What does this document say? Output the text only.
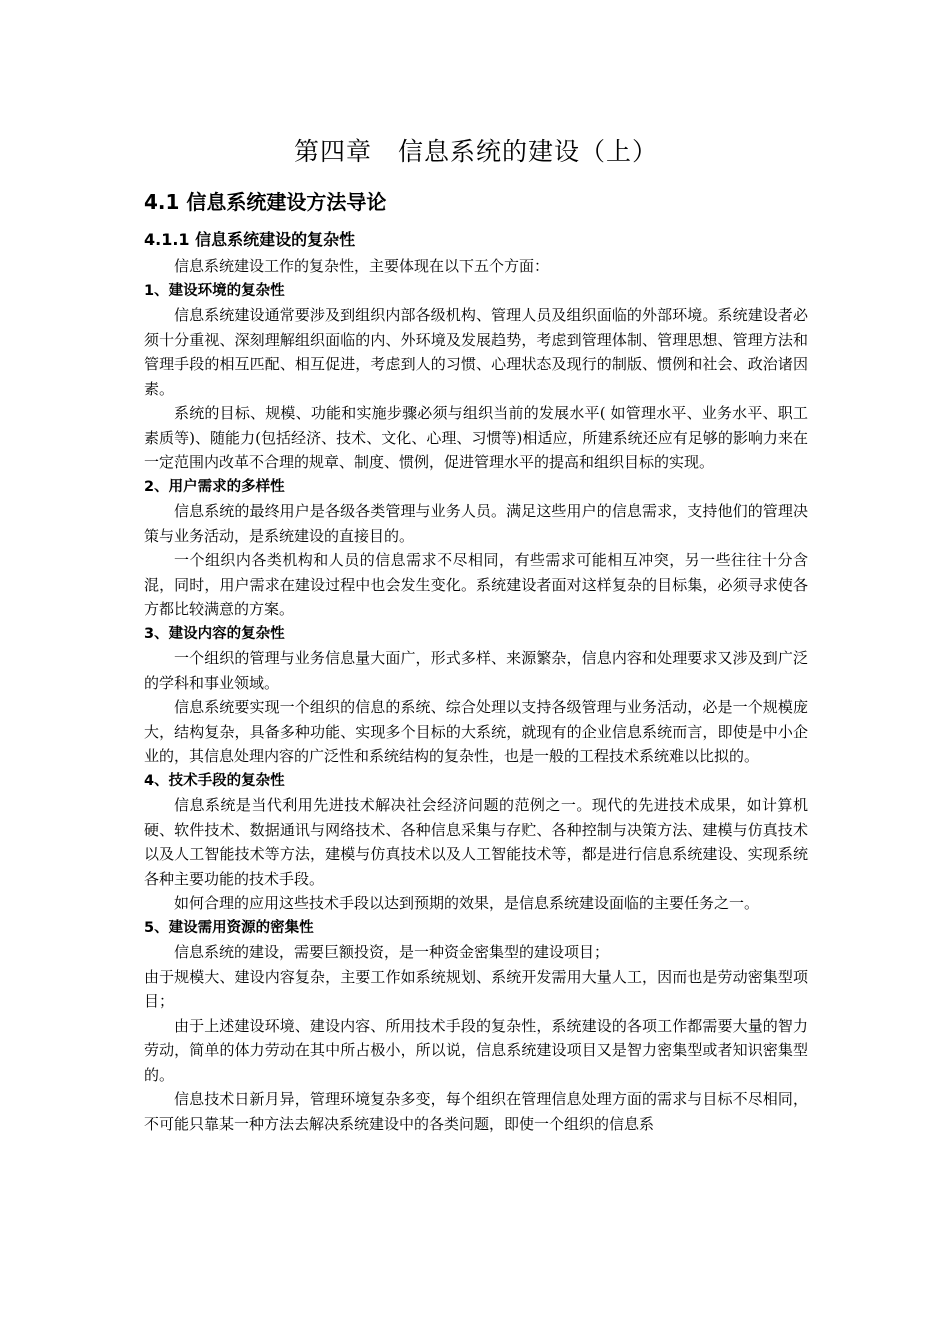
第四章　信息系统的建设（上）
4.1 信息系统建设方法导论
4.1.1 信息系统建设的复杂性

信息系统建设工作的复杂性，主要体现在以下五个方面：

1、建设环境的复杂性

信息系统建设通常要涉及到组织内部各级机构、管理人员及组织面临的外部环境。系统建设者必须十分重视、深刻理解组织面临的内、外环境及发展趋势，考虑到管理体制、管理思想、管理方法和管理手段的相互匹配、相互促进，考虑到人的习惯、心理状态及现行的制版、惯例和社会、政治诸因素。

系统的目标、规模、功能和实施步骤必须与组织当前的发展水平( 如管理水平、业务水平、职工素质等)、随能力(包括经济、技术、文化、心理、习惯等)相适应，所建系统还应有足够的影响力来在一定范围内改革不合理的规章、制度、惯例，促进管理水平的提高和组织目标的实现。

2、用户需求的多样性

信息系统的最终用户是各级各类管理与业务人员。满足这些用户的信息需求，支持他们的管理决策与业务活动，是系统建设的直接目的。

一个组织内各类机构和人员的信息需求不尽相同，有些需求可能相互冲突，另一些往往十分含混，同时，用户需求在建设过程中也会发生变化。系统建设者面对这样复杂的目标集，必须寻求使各方都比较满意的方案。

3、建设内容的复杂性

一个组织的管理与业务信息量大面广，形式多样、来源繁杂，信息内容和处理要求又涉及到广泛的学科和事业领域。

信息系统要实现一个组织的信息的系统、综合处理以支持各级管理与业务活动，必是一个规模庞大，结构复杂，具备多种功能、实现多个目标的大系统，就现有的企业信息系统而言，即使是中小企业的，其信息处理内容的广泛性和系统结构的复杂性，也是一般的工程技术系统难以比拟的。

4、技术手段的复杂性

信息系统是当代利用先进技术解决社会经济问题的范例之一。现代的先进技术成果，如计算机硬、软件技术、数据通讯与网络技术、各种信息采集与存贮、各种控制与决策方法、建模与仿真技术以及人工智能技术等方法，建模与仿真技术以及人工智能技术等，都是进行信息系统建设、实现系统各种主要功能的技术手段。

如何合理的应用这些技术手段以达到预期的效果，是信息系统建设面临的主要任务之一。

5、建设需用资源的密集性

信息系统的建设，需要巨额投资，是一种资金密集型的建设项目；

由于规模大、建设内容复杂，主要工作如系统规划、系统开发需用大量人工，因而也是劳动密集型项目；

由于上述建设环境、建设内容、所用技术手段的复杂性，系统建设的各项工作都需要大量的智力劳动，简单的体力劳动在其中所占极小，所以说，信息系统建设项目又是智力密集型或者知识密集型的。

信息技术日新月异，管理环境复杂多变，每个组织在管理信息处理方面的需求与目标不尽相同，不可能只靠某一种方法去解决系统建设中的各类问题，即使一个组织的信息系
